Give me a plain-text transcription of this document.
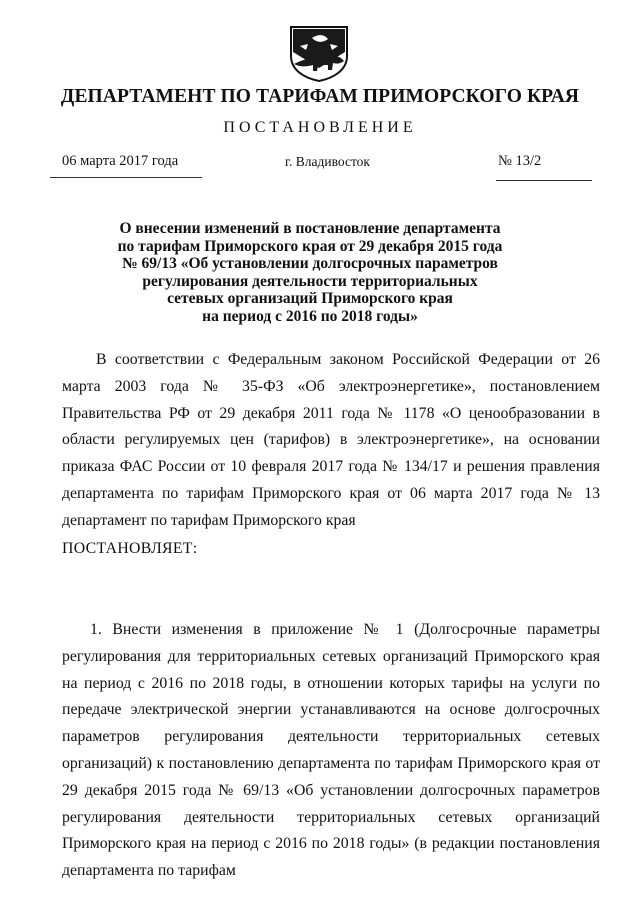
ДЕПАРТАМЕНТ ПО ТАРИФАМ ПРИМОРСКОГО КРАЯ
ПОСТАНОВЛЕНИЕ
06 марта 2017 года	г. Владивосток	№ 13/2
О внесении изменений в постановление департамента
по тарифам Приморского края от 29 декабря 2015 года
№ 69/13 «Об установлении долгосрочных параметров
регулирования деятельности территориальных
сетевых организаций Приморского края
на период с 2016 по 2018 годы»
В соответствии с Федеральным законом Российской Федерации от 26 марта 2003 года № 35-ФЗ «Об электроэнергетике», постановлением Правительства РФ от 29 декабря 2011 года № 1178 «О ценообразовании в области регулируемых цен (тарифов) в электроэнергетике», на основании приказа ФАС России от 10 февраля 2017 года № 134/17 и решения правления департамента по тарифам Приморского края от 06 марта 2017 года № 13 департамент по тарифам Приморского края
ПОСТАНОВЛЯЕТ:
1. Внести изменения в приложение № 1 (Долгосрочные параметры регулирования для территориальных сетевых организаций Приморского края на период с 2016 по 2018 годы, в отношении которых тарифы на услуги по передаче электрической энергии устанавливаются на основе долгосрочных параметров регулирования деятельности территориальных сетевых организаций) к постановлению департамента по тарифам Приморского края от 29 декабря 2015 года № 69/13 «Об установлении долгосрочных параметров регулирования деятельности территориальных сетевых организаций Приморского края на период с 2016 по 2018 годы» (в редакции постановления департамента по тарифам
